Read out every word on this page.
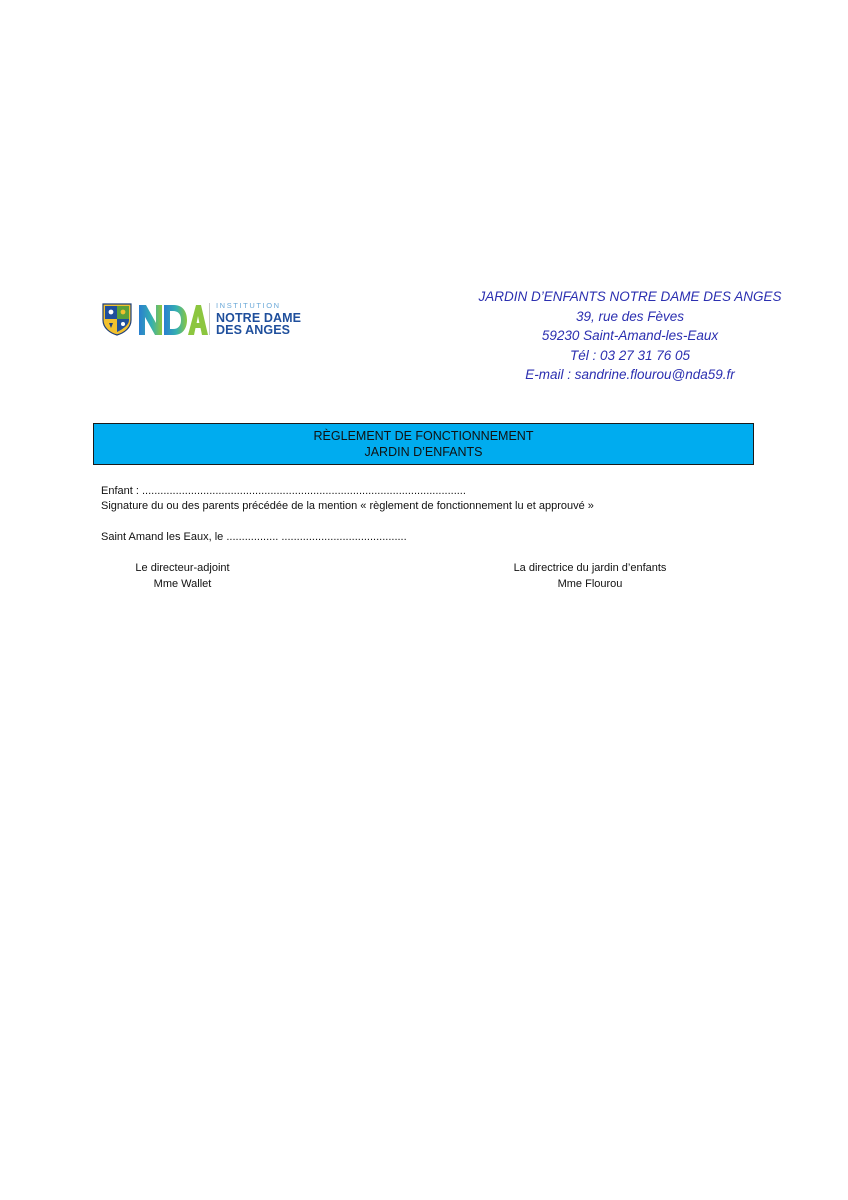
INSTITUTION
NOTRE DAME
DES ANGES
JARDIN D’ENFANTS NOTRE DAME DES ANGES
39, rue des Fèves
59230 Saint-Amand-les-Eaux
Tél : 03 27 31 76 05
E-mail : sandrine.flourou@nda59.fr
RÈGLEMENT DE FONCTIONNEMENT
JARDIN D’ENFANTS
Enfant : ..........................................................................................................
Signature du ou des parents précédée de la mention « règlement de fonctionnement lu et approuvé »
Saint Amand les Eaux, le ................. .........................................
Le directeur-adjoint
Mme Wallet
La directrice du jardin d’enfants
Mme Flourou
